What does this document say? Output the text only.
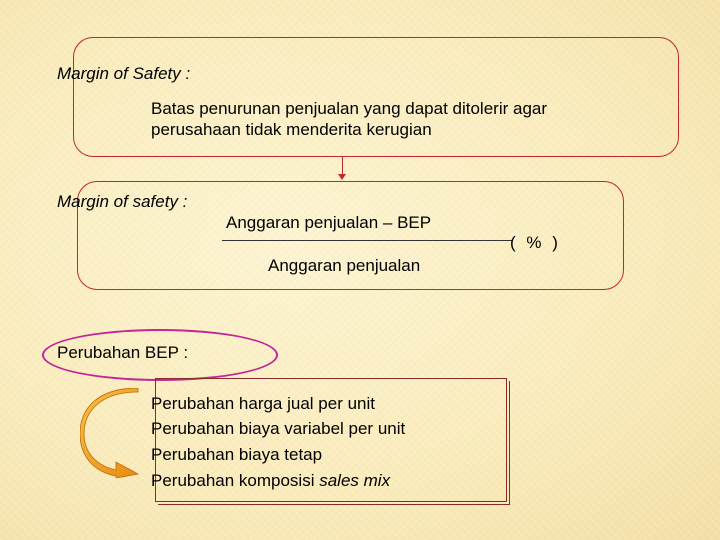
Margin of Safety :
Batas penurunan penjualan yang dapat ditolerir agar
perusahaan tidak menderita kerugian
Margin of safety :
Anggaran penjualan – BEP
Anggaran penjualan
( % )
Perubahan BEP :
Perubahan harga jual per unit
Perubahan biaya variabel per unit
Perubahan biaya tetap
Perubahan komposisi sales mix
